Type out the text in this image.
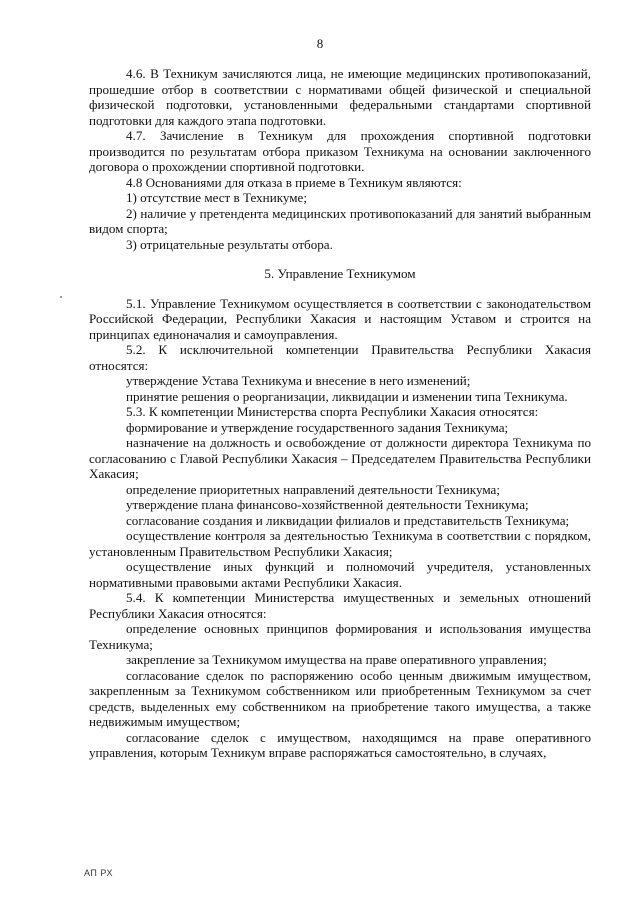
8

4.6. В Техникум зачисляются лица, не имеющие медицинских противопоказаний, прошедшие отбор в соответствии с нормативами общей физической и специальной физической подготовки, установленными федеральными стандартами спортивной подготовки для каждого этапа подготовки.

4.7. Зачисление в Техникум для прохождения спортивной подготовки производится по результатам отбора приказом Техникума на основании заключенного договора о прохождении спортивной подготовки.

4.8 Основаниями для отказа в приеме в Техникум являются:

1) отсутствие мест в Техникуме;

2) наличие у претендента медицинских противопоказаний для занятий выбранным видом спорта;

3) отрицательные результаты отбора.

5. Управление Техникумом

5.1. Управление Техникумом осуществляется в соответствии с законодательством Российской Федерации, Республики Хакасия и настоящим Уставом и строится на принципах единоначалия и самоуправления.

5.2. К исключительной компетенции Правительства Республики Хакасия относятся:

утверждение Устава Техникума и внесение в него изменений;

принятие решения о реорганизации, ликвидации и изменении типа Техникума.

5.3. К компетенции Министерства спорта Республики Хакасия относятся:

формирование и утверждение государственного задания Техникума;

назначение на должность и освобождение от должности директора Техникума по согласованию с Главой Республики Хакасия – Председателем Правительства Республики Хакасия;

определение приоритетных направлений деятельности Техникума;

утверждение плана финансово-хозяйственной деятельности Техникума;

согласование создания и ликвидации филиалов и представительств Техникума;

осуществление контроля за деятельностью Техникума в соответствии с порядком, установленным Правительством Республики Хакасия;

осуществление иных функций и полномочий учредителя, установленных нормативными правовыми актами Республики Хакасия.

5.4. К компетенции Министерства имущественных и земельных отношений Республики Хакасия относятся:

определение основных принципов формирования и использования имущества Техникума;

закрепление за Техникумом имущества на праве оперативного управления;

согласование сделок по распоряжению особо ценным движимым имуществом, закрепленным за Техникумом собственником или приобретенным Техникумом за счет средств, выделенных ему собственником на приобретение такого имущества, а также недвижимым имуществом;

согласование сделок с имуществом, находящимся на праве оперативного управления, которым Техникум вправе распоряжаться самостоятельно, в случаях,

АП РХ
